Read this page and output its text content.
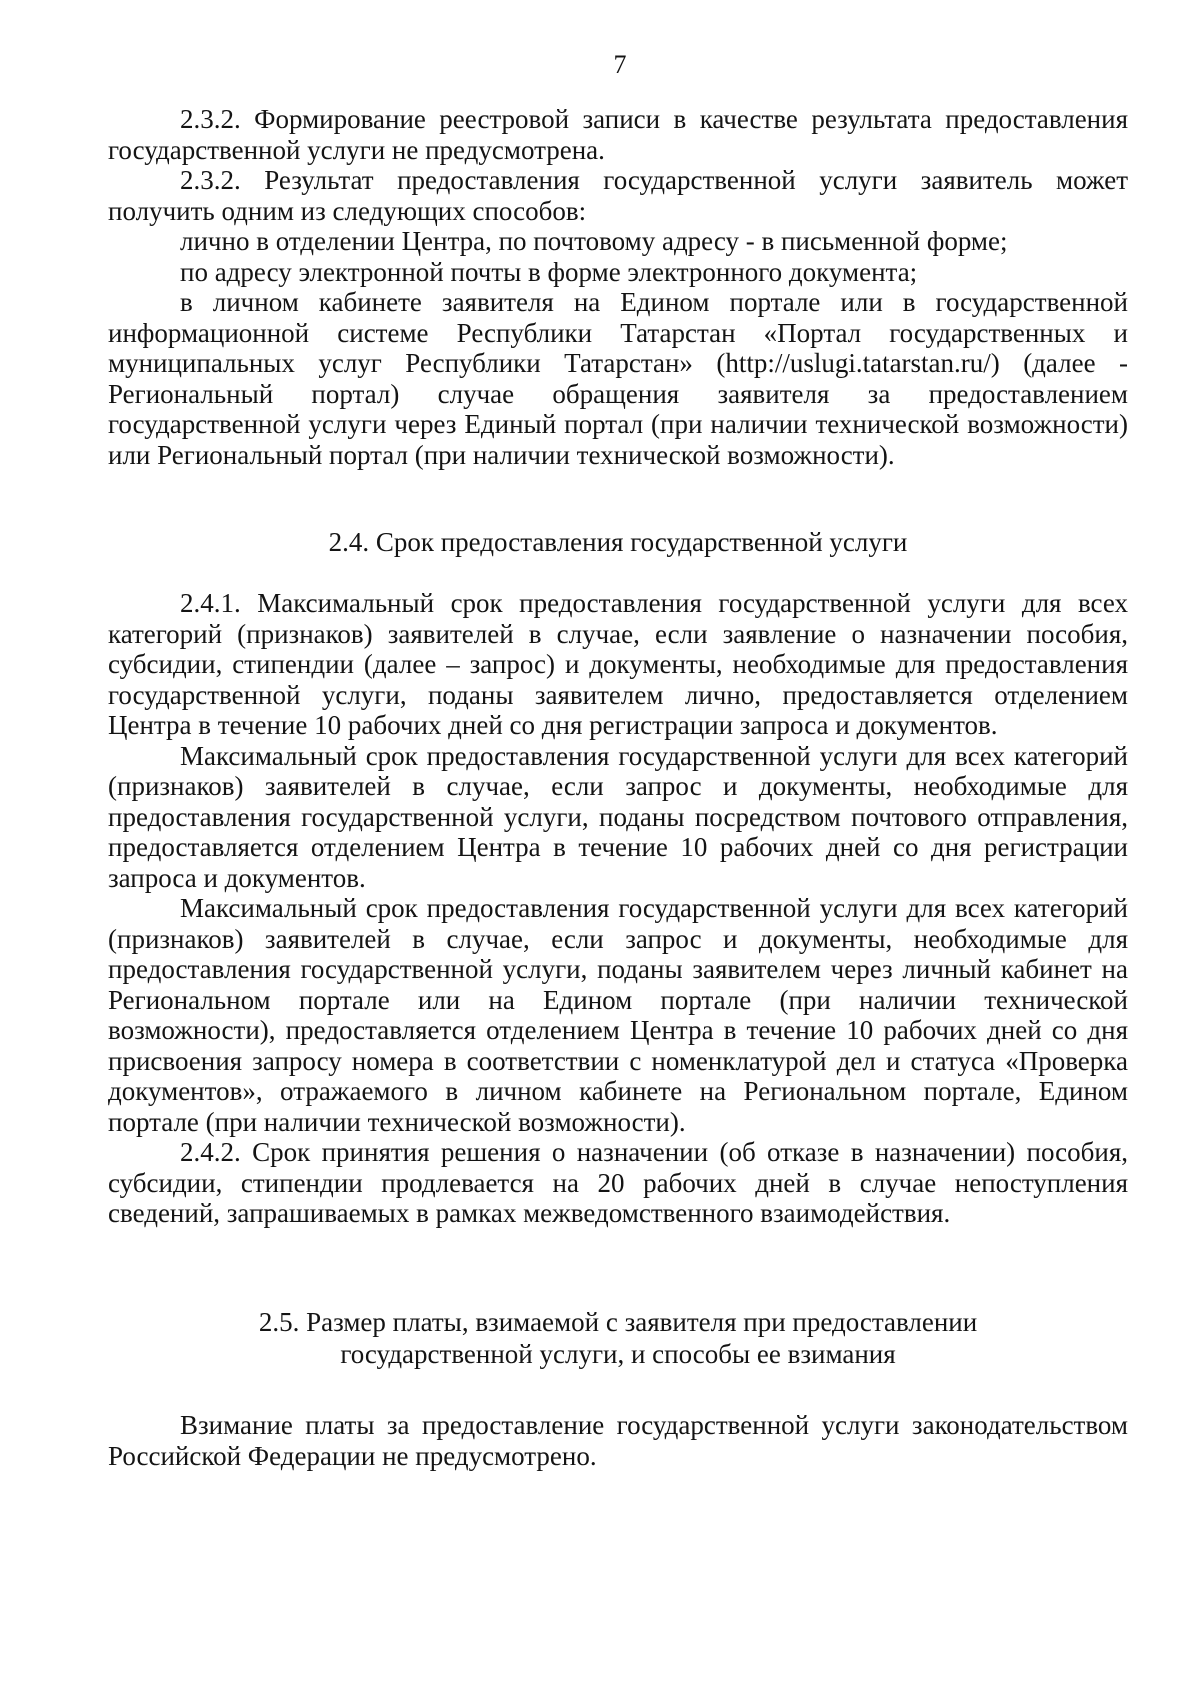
7

2.3.2. Формирование реестровой записи в качестве результата предоставления государственной услуги не предусмотрена.

2.3.2. Результат предоставления государственной услуги заявитель может получить одним из следующих способов:

лично в отделении Центра, по почтовому адресу - в письменной форме;

по адресу электронной почты в форме электронного документа;

в личном кабинете заявителя на Едином портале или в государственной информационной системе Республики Татарстан «Портал государственных и муниципальных услуг Республики Татарстан» (http://uslugi.tatarstan.ru/) (далее - Региональный портал) случае обращения заявителя за предоставлением государственной услуги через Единый портал (при наличии технической возможности) или Региональный портал (при наличии технической возможности).

2.4. Срок предоставления государственной услуги

2.4.1. Максимальный срок предоставления государственной услуги для всех категорий (признаков) заявителей в случае, если заявление о назначении пособия, субсидии, стипендии (далее – запрос) и документы, необходимые для предоставления государственной услуги, поданы заявителем лично, предоставляется отделением Центра в течение 10 рабочих дней со дня регистрации запроса и документов.

Максимальный срок предоставления государственной услуги для всех категорий (признаков) заявителей в случае, если запрос и документы, необходимые для предоставления государственной услуги, поданы посредством почтового отправления, предоставляется отделением Центра в течение 10 рабочих дней со дня регистрации запроса и документов.

Максимальный срок предоставления государственной услуги для всех категорий (признаков) заявителей в случае, если запрос и документы, необходимые для предоставления государственной услуги, поданы заявителем через личный кабинет на Региональном портале или на Едином портале (при наличии технической возможности), предоставляется отделением Центра в течение 10 рабочих дней со дня присвоения запросу номера в соответствии с номенклатурой дел и статуса «Проверка документов», отражаемого в личном кабинете на Региональном портале, Едином портале (при наличии технической возможности).

2.4.2. Срок принятия решения о назначении (об отказе в назначении) пособия, субсидии, стипендии продлевается на 20 рабочих дней в случае непоступления сведений, запрашиваемых в рамках межведомственного взаимодействия.

2.5. Размер платы, взимаемой с заявителя при предоставлении
государственной услуги, и способы ее взимания

Взимание платы за предоставление государственной услуги законодательством Российской Федерации не предусмотрено.
